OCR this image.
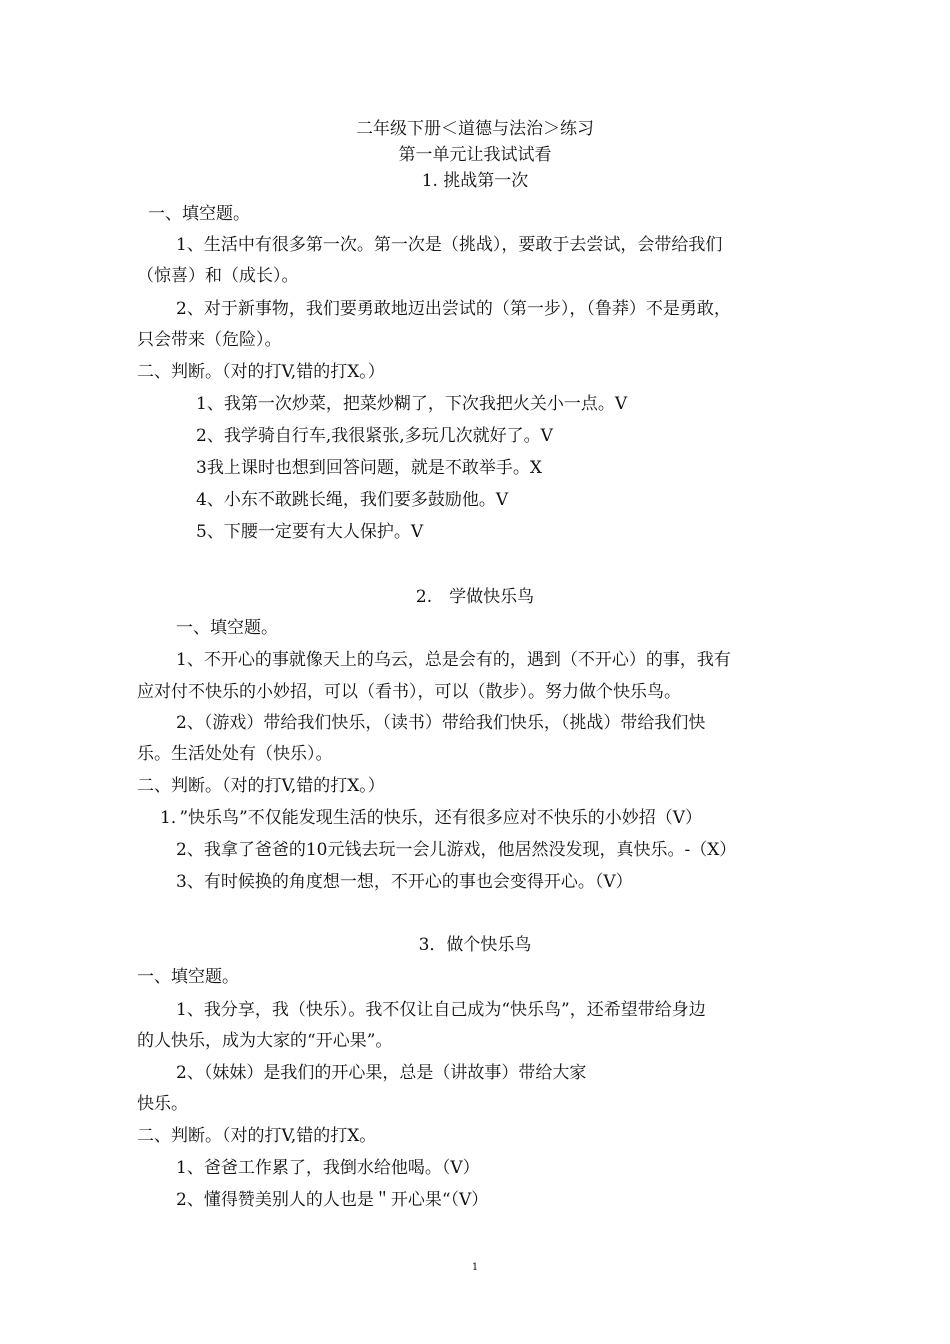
二年级下册＜道德与法治＞练习
第一单元让我试试看
1. 挑战第一次
一、填空题。
1、生活中有很多第一次。第一次是（挑战），要敢于去尝试，会带给我们
（惊喜）和（成长）。
2、对于新事物，我们要勇敢地迈出尝试的（第一步），（鲁莽）不是勇敢，
只会带来（危险）。
二、判断。（对的打V,错的打X。）
1、我第一次炒菜，把菜炒糊了，下次我把火关小一点。V
2、我学骑自行车,我很紧张,多玩几次就好了。V
3我上课时也想到回答问题，就是不敢举手。X
4、小东不敢跳长绳，我们要多鼓励他。V
5、下腰一定要有大人保护。V
2.　学做快乐鸟
一、填空题。
1、不开心的事就像天上的乌云，总是会有的，遇到（不开心）的事，我有
应对付不快乐的小妙招，可以（看书），可以（散步）。努力做个快乐鸟。
2、（游戏）带给我们快乐，（读书）带给我们快乐，（挑战）带给我们快
乐。生活处处有（快乐）。
二、判断。（对的打V,错的打X。）
1．”快乐鸟”不仅能发现生活的快乐，还有很多应对不快乐的小妙招（V）
2、我拿了爸爸的10元钱去玩一会儿游戏，他居然没发现，真快乐。-（X）
3、有时候换的角度想一想，不开心的事也会变得开心。（V）
3．做个快乐鸟
一、填空题。
1、我分享，我（快乐）。我不仅让自己成为“快乐鸟”，还希望带给身边
的人快乐，成为大家的“开心果”。
2、（妹妹）是我们的开心果，总是（讲故事）带给大家
快乐。
二、判断。（对的打V,错的打X。
1、爸爸工作累了，我倒水给他喝。（V）
2、懂得赞美别人的人也是＂开心果“（V）
1
